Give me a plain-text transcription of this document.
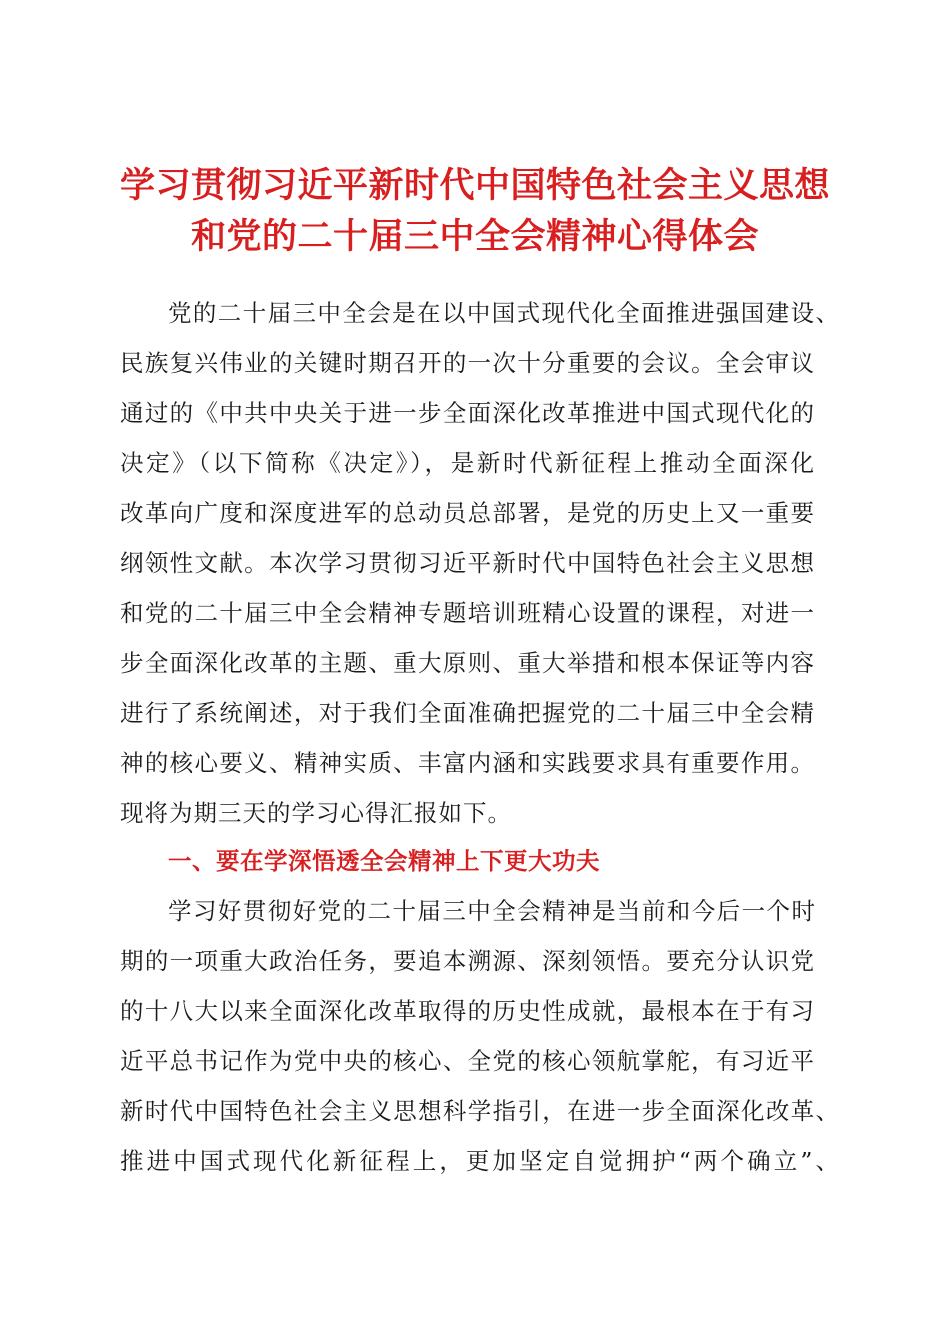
学习贯彻习近平新时代中国特色社会主义思想
和党的二十届三中全会精神心得体会
党的二十届三中全会是在以中国式现代化全面推进强国建设、
民族复兴伟业的关键时期召开的一次十分重要的会议。全会审议
通过的《中共中央关于进一步全面深化改革推进中国式现代化的
决定》（以下简称《决定》），是新时代新征程上推动全面深化
改革向广度和深度进军的总动员总部署，是党的历史上又一重要
纲领性文献。本次学习贯彻习近平新时代中国特色社会主义思想
和党的二十届三中全会精神专题培训班精心设置的课程，对进一
步全面深化改革的主题、重大原则、重大举措和根本保证等内容
进行了系统阐述，对于我们全面准确把握党的二十届三中全会精
神的核心要义、精神实质、丰富内涵和实践要求具有重要作用。
现将为期三天的学习心得汇报如下。
一、要在学深悟透全会精神上下更大功夫
学习好贯彻好党的二十届三中全会精神是当前和今后一个时
期的一项重大政治任务，要追本溯源、深刻领悟。要充分认识党
的十八大以来全面深化改革取得的历史性成就，最根本在于有习
近平总书记作为党中央的核心、全党的核心领航掌舵，有习近平
新时代中国特色社会主义思想科学指引，在进一步全面深化改革、
推进中国式现代化新征程上，更加坚定自觉拥护“两个确立”、
